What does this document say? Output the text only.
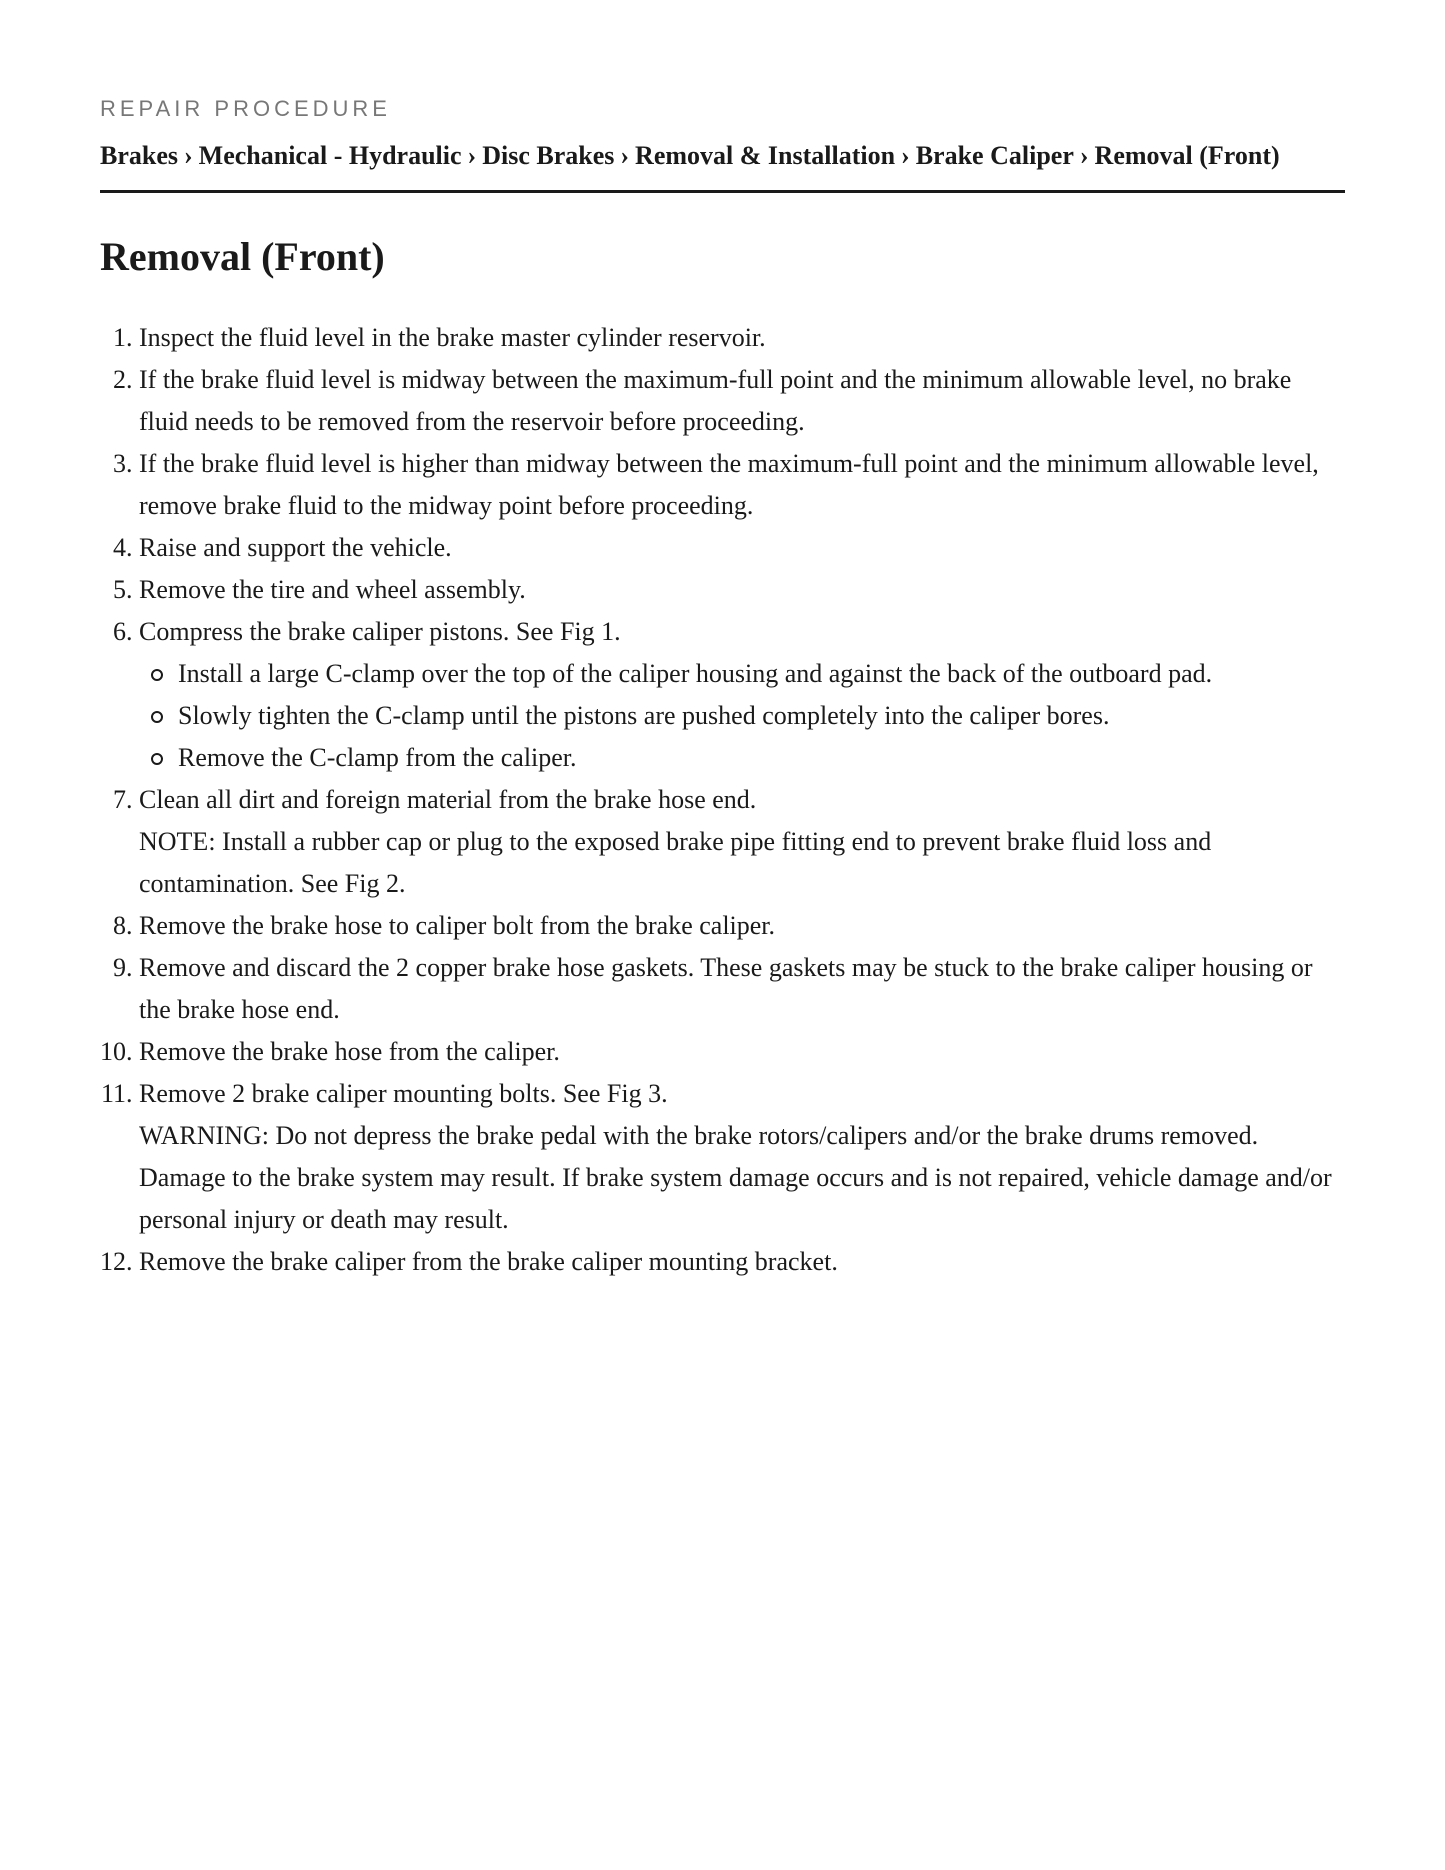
REPAIR PROCEDURE

Brakes › Mechanical - Hydraulic › Disc Brakes › Removal & Installation › Brake Caliper › Removal (Front)
Removal (Front)
1. Inspect the fluid level in the brake master cylinder reservoir.
2. If the brake fluid level is midway between the maximum-full point and the minimum allowable level, no brake fluid needs to be removed from the reservoir before proceeding.
3. If the brake fluid level is higher than midway between the maximum-full point and the minimum allowable level, remove brake fluid to the midway point before proceeding.
4. Raise and support the vehicle.
5. Remove the tire and wheel assembly.
6. Compress the brake caliper pistons. See Fig 1.
Install a large C-clamp over the top of the caliper housing and against the back of the outboard pad.
Slowly tighten the C-clamp until the pistons are pushed completely into the caliper bores.
Remove the C-clamp from the caliper.
7. Clean all dirt and foreign material from the brake hose end.
NOTE: Install a rubber cap or plug to the exposed brake pipe fitting end to prevent brake fluid loss and contamination. See Fig 2.
8. Remove the brake hose to caliper bolt from the brake caliper.
9. Remove and discard the 2 copper brake hose gaskets. These gaskets may be stuck to the brake caliper housing or the brake hose end.
10. Remove the brake hose from the caliper.
11. Remove 2 brake caliper mounting bolts. See Fig 3.
WARNING: Do not depress the brake pedal with the brake rotors/calipers and/or the brake drums removed. Damage to the brake system may result. If brake system damage occurs and is not repaired, vehicle damage and/or personal injury or death may result.
12. Remove the brake caliper from the brake caliper mounting bracket.
